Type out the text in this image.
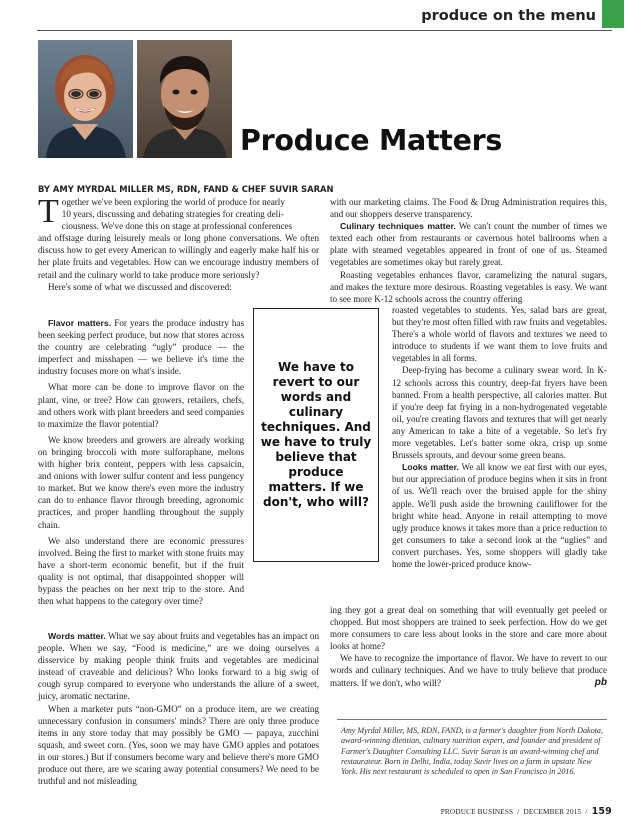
produce on the menu
Produce Matters
BY AMY MYRDAL MILLER MS, RDN, FAND & CHEF SUVIR SARAN

T ogether we've been exploring the world of produce for nearly
10 years, discussing and debating strategies for creating deli-
ciousness. We've done this on stage at professional conferences
and offstage during leisurely meals or long phone conversations. We often discuss how to get every American to willingly and eagerly make half his or her plate fruits and vegetables. How can we encourage industry members of retail and the culinary world to take produce more seriously?

Here's some of what we discussed and discovered:

Flavor matters. For years the produce industry has been seeking perfect produce, but now that stores across the country are celebrating “ugly” produce — the imperfect and misshapen — we believe it's time the industry focuses more on what's inside.

What more can be done to improve flavor on the plant, vine, or tree? How can growers, retailers, chefs, and others work with plant breeders and seed companies to maximize the flavor potential?

We know breeders and growers are already working on bringing broccoli with more sulforaphane, melons with higher brix content, peppers with less capsaicin, and onions with lower sulfur content and less pungency to market. But we know there's even more the industry can do to enhance flavor through breeding, agronomic practices, and proper handling throughout the supply chain.

We also understand there are economic pressures involved. Being the first to market with stone fruits may have a short-term economic benefit, but if the fruit quality is not optimal, that disappointed shopper will bypass the peaches on her next trip to the store. And then what happens to the category over time?

Words matter. What we say about fruits and vegetables has an impact on people. When we say, “Food is medicine,” are we doing ourselves a disservice by making people think fruits and vegetables are medicinal instead of craveable and delicious? Who looks forward to a big swig of cough syrup compared to everyone who understands the allure of a sweet, juicy, aromatic nectarine.

When a marketer puts “non-GMO” on a produce item, are we creating unnecessary confusion in consumers' minds? There are only three produce items in any store today that may possibly be GMO — papaya, zucchini squash, and sweet corn. (Yes, soon we may have GMO apples and potatoes in our stores.) But if consumers become wary and believe there's more GMO produce out there, are we scaring away potential consumers? We need to be truthful and not misleading

with our marketing claims. The Food & Drug Administration requires this, and our shoppers deserve transparency.

Culinary techniques matter. We can't count the number of times we texted each other from restaurants or cavernous hotel ballrooms when a plate with steamed vegetables appeared in front of one of us. Steamed vegetables are sometimes okay but rarely great.

Roasting vegetables enhances flavor, caramelizing the natural sugars, and makes the texture more desirous. Roasting vegetables is easy. We want to see more K-12 schools across the country offering

roasted vegetables to students. Yes, salad bars are great, but they're most often filled with raw fruits and vegetables. There's a whole world of flavors and textures we need to introduce to students if we want them to love fruits and vegetables in all forms.

Deep-frying has become a culinary swear word. In K-12 schools across this country, deep-fat fryers have been banned. From a health perspective, all calories matter. But if you're deep fat frying in a non-hydrogenated vegetable oil, you're creating flavors and textures that will get nearly any American to take a bite of a vegetable. So let's fry more vegetables. Let's batter some okra, crisp up some Brussels sprouts, and devour some green beans.

Looks matter. We all know we eat first with our eyes, but our appreciation of produce begins when it sits in front of us. We'll reach over the bruised apple for the shiny apple. We'll push aside the browning cauliflower for the bright white head. Anyone in retail attempting to move ugly produce knows it takes more than a price reduction to get consumers to take a second look at the “uglies” and convert purchases. Yes, some shoppers will gladly take home the lower-priced produce know-

ing they got a great deal on something that will eventually get peeled or chopped. But most shoppers are trained to seek perfection. How do we get more consumers to care less about looks in the store and care more about looks at home?

We have to recognize the importance of flavor. We have to revert to our words and culinary techniques. And we have to truly believe that produce matters. If we don't, who will?	pb

We have to revert to our words and culinary techniques. And we have to truly believe that produce matters. If we don't, who will?
Amy Myrdal Miller, MS, RDN, FAND, is a farmer's daughter from North Dakota, award-winning dietitian, culinary nutrition expert, and founder and president of Farmer's Daughter Consulting LLC. Suvir Saran is an award-winning chef and restaurateur. Born in Delhi, India, today Suvir lives on a farm in upstate New York. His next restaurant is scheduled to open in San Francisco in 2016.
PRODUCE BUSINESS / DECEMBER 2015 / 159
